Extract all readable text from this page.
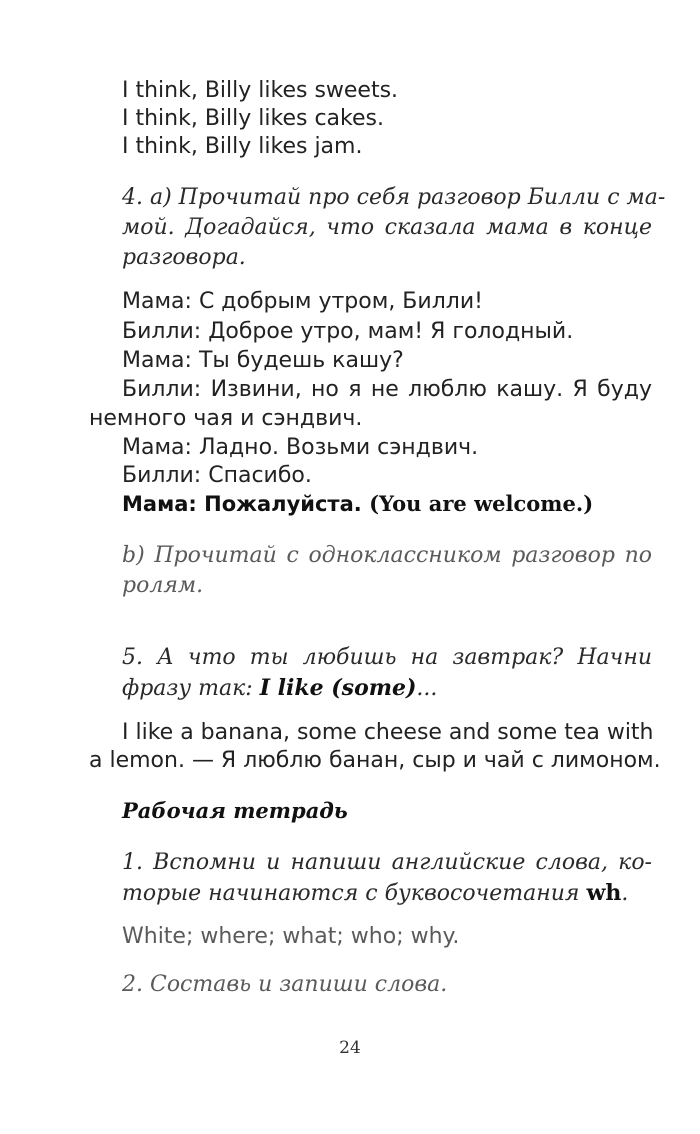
I think, Billy likes sweets.
I think, Billy likes cakes.
I think, Billy likes jam.
4. а) Прочитай про себя разговор Билли с ма-
мой. Догадайся, что сказала мама в конце
разговора.
Мама: С добрым утром, Билли!
Билли: Доброе утро, мам! Я голодный.
Мама: Ты будешь кашу?
Билли: Извини, но я не люблю кашу. Я буду
немного чая и сэндвич.
Мама: Ладно. Возьми сэндвич.
Билли: Спасибо.
Мама: Пожалуйста. (You are welcome.)
b) Прочитай с одноклассником разговор по
ролям.
5. А что ты любишь на завтрак? Начни
фразу так: I like (some)...
I like a banana, some cheese and some tea with
a lemon. — Я люблю банан, сыр и чай с лимоном.
Рабочая тетрадь
1. Вспомни и напиши английские слова, ко-
торые начинаются с буквосочетания wh.
White; where; what; who; why.
2. Составь и запиши слова.
24
